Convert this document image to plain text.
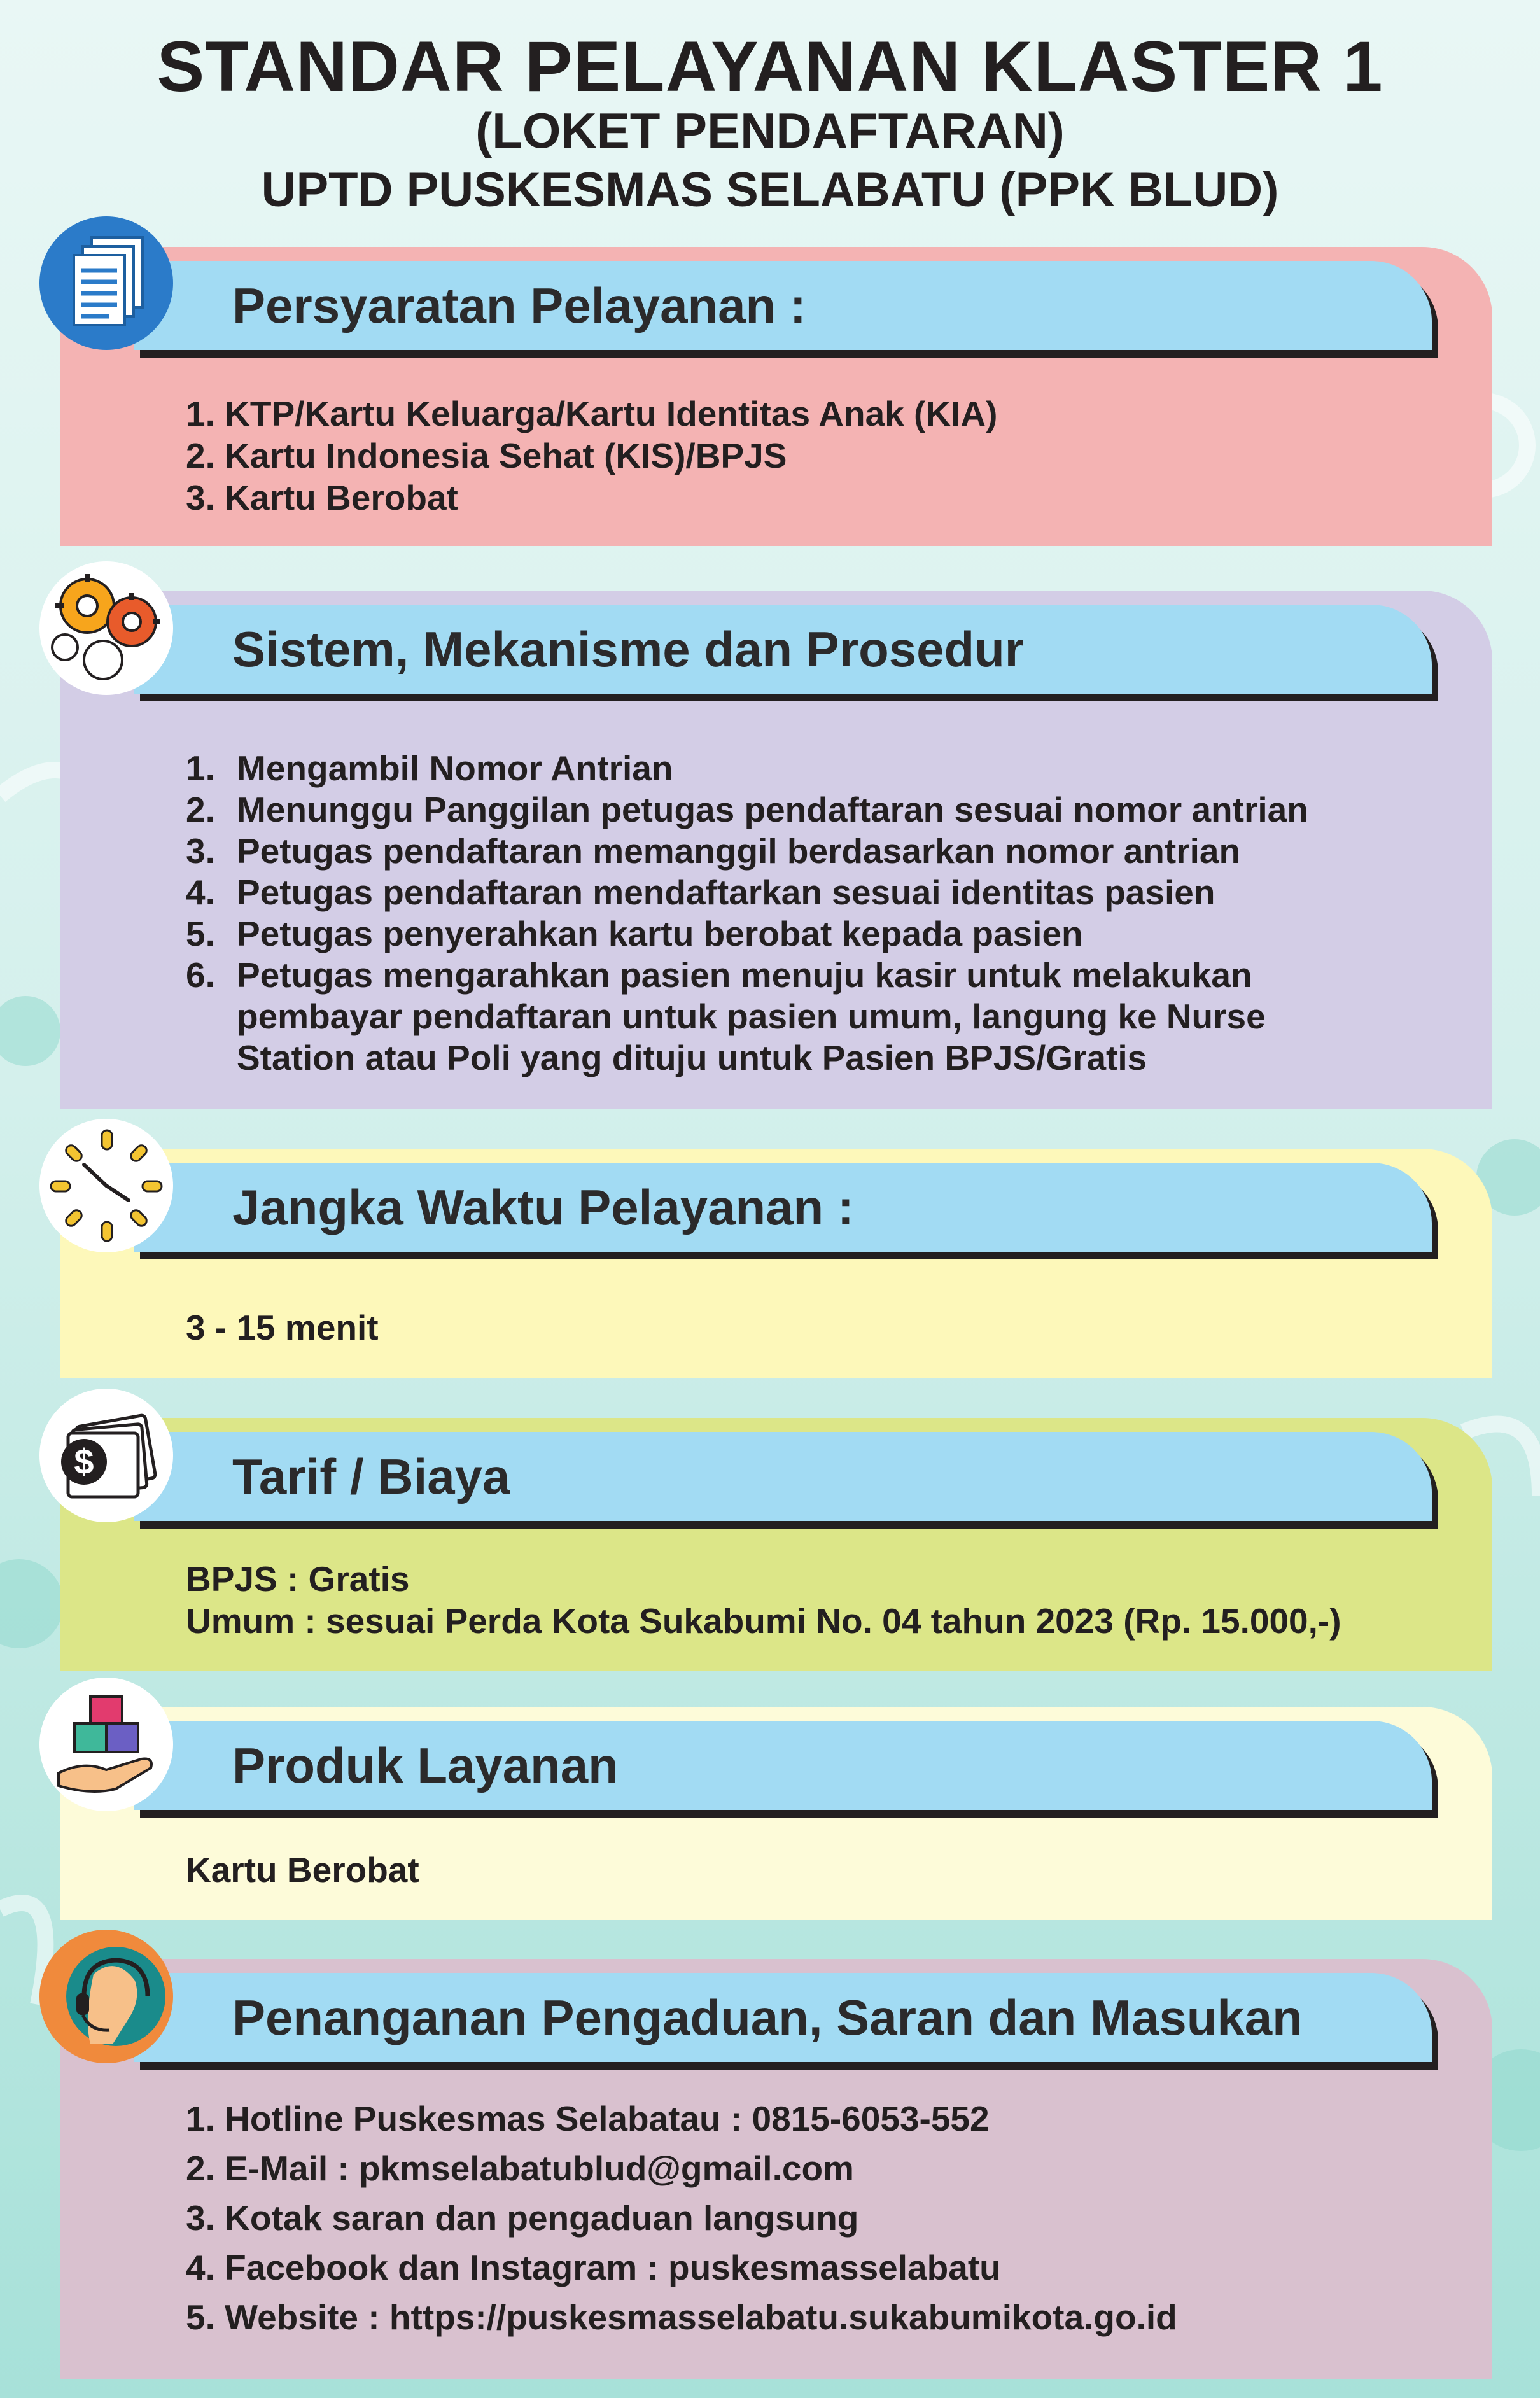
STANDAR PELAYANAN KLASTER 1
(LOKET PENDAFTARAN)
UPTD PUSKESMAS SELABATU (PPK BLUD)
Persyaratan Pelayanan :
1. KTP/Kartu Keluarga/Kartu Identitas Anak (KIA)
2. Kartu Indonesia Sehat (KIS)/BPJS
3. Kartu Berobat
Sistem, Mekanisme dan Prosedur
1. Mengambil Nomor Antrian
2. Menunggu Panggilan petugas pendaftaran sesuai nomor antrian
3. Petugas pendaftaran memanggil berdasarkan nomor antrian
4. Petugas pendaftaran mendaftarkan sesuai identitas pasien
5. Petugas penyerahkan kartu berobat kepada pasien
6. Petugas mengarahkan pasien menuju kasir untuk melakukan
pembayar pendaftaran untuk pasien umum, langung ke Nurse
Station atau Poli yang dituju untuk Pasien BPJS/Gratis
Jangka Waktu Pelayanan :
3 - 15 menit
Tarif / Biaya
$
BPJS : Gratis
Umum : sesuai Perda Kota Sukabumi No. 04 tahun 2023 (Rp. 15.000,-)
Produk Layanan
Kartu Berobat
Penanganan Pengaduan, Saran dan Masukan
1. Hotline Puskesmas Selabatau : 0815-6053-552
2. E-Mail : pkmselabatublud@gmail.com
3. Kotak saran dan pengaduan langsung
4. Facebook dan Instagram : puskesmasselabatu
5. Website : https://puskesmasselabatu.sukabumikota.go.id
